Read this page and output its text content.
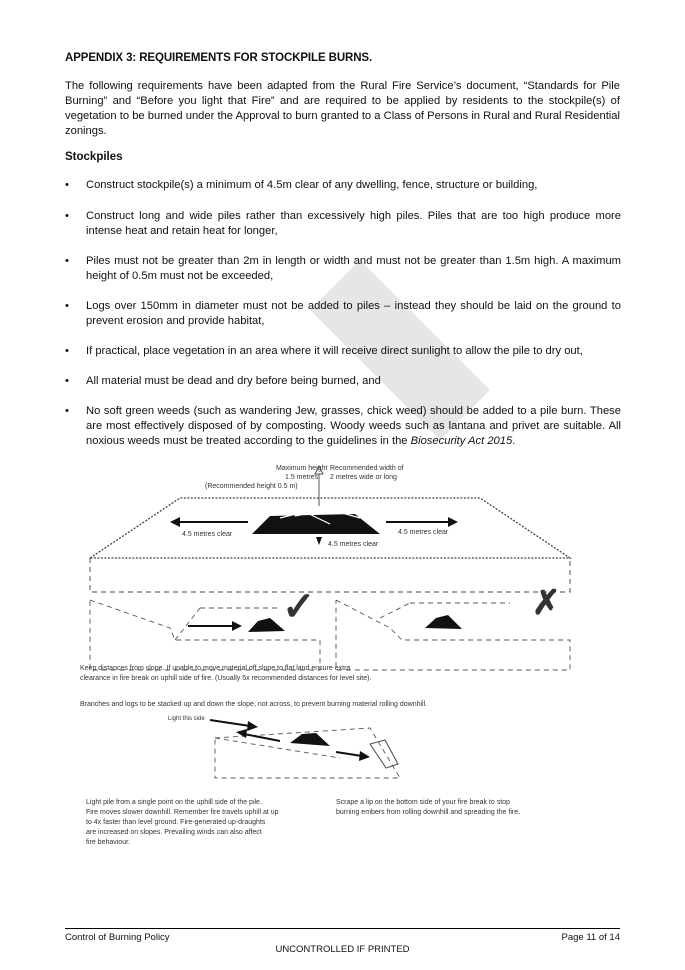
APPENDIX 3: REQUIREMENTS FOR STOCKPILE BURNS.
The following requirements have been adapted from the Rural Fire Service’s document, “Standards for Pile Burning” and “Before you light that Fire” and are required to be applied by residents to the stockpile(s) of vegetation to be burned under the Approval to burn granted to a Class of Persons in Rural and Rural Residential zonings.
Stockpiles
• Construct stockpile(s) a minimum of 4.5m clear of any dwelling, fence, structure or building,
• Construct long and wide piles rather than excessively high piles. Piles that are too high produce more intense heat and retain heat for longer,
• Piles must not be greater than 2m in length or width and must not be greater than 1.5m high. A maximum height of 0.5m must not be exceeded,
• Logs over 150mm in diameter must not be added to piles – instead they should be laid on the ground to prevent erosion and provide habitat,
• If practical, place vegetation in an area where it will receive direct sunlight to allow the pile to dry out,
• All material must be dead and dry before being burned, and
• No soft green weeds (such as wandering Jew, grasses, chick weed) should be added to a pile burn. These are most effectively disposed of by composting. Woody weeds such as lantana and privet are suitable. All noxious weeds must be treated according to the guidelines in the Biosecurity Act 2015.
Maximum height
1.5 metres
(Recommended height 0.5 m)
Recommended width of
2 metres wide or long
4.5 metres clear	4.5 metres clear
4.5 metres clear
✓	✗
Keep distances from slope. If unable to move material off slope to flat land ensure extra
clearance in fire break on uphill side of fire. (Usually 5x recommended distances for level site).
Branches and logs to be stacked up and down the slope, not across, to prevent burning material rolling downhill.
Light this side
Light pile from a single point on the uphill side of the pile.
Fire moves slower downhill. Remember fire travels uphill at up
to 4x faster than level ground. Fire-generated up-draughts
are increased on slopes. Prevailing winds can also affect
fire behaviour.
Scrape a lip on the bottom side of your fire break to stop
burning embers from rolling downhill and spreading the fire.
Control of Burning Policy	Page 11 of 14
UNCONTROLLED IF PRINTED
